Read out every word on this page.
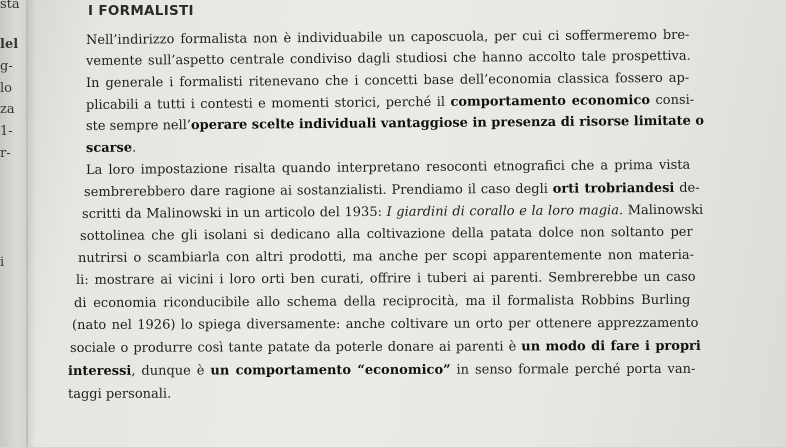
sta
lel
g-
lo
za
1-
r-
i
I FORMALISTI
Nell’indirizzo formalista non è individuabile un caposcuola, per cui ci soffermeremo bre-
vemente sull’aspetto centrale condiviso dagli studiosi che hanno accolto tale prospettiva.
In generale i formalisti ritenevano che i concetti base dell’economia classica fossero ap-
plicabili a tutti i contesti e momenti storici, perché il comportamento economico consi-
ste sempre nell’operare scelte individuali vantaggiose in presenza di risorse limitate o
scarse.
La loro impostazione risalta quando interpretano resoconti etnografici che a prima vista
sembrerebbero dare ragione ai sostanzialisti. Prendiamo il caso degli orti trobriandesi de-
scritti da Malinowski in un articolo del 1935: I giardini di corallo e la loro magia. Malinowski
sottolinea che gli isolani si dedicano alla coltivazione della patata dolce non soltanto per
nutrirsi o scambiarla con altri prodotti, ma anche per scopi apparentemente non materia-
li: mostrare ai vicini i loro orti ben curati, offrire i tuberi ai parenti. Sembrerebbe un caso
di economia riconducibile allo schema della reciprocità, ma il formalista Robbins Burling
(nato nel 1926) lo spiega diversamente: anche coltivare un orto per ottenere apprezzamento
sociale o produrre così tante patate da poterle donare ai parenti è un modo di fare i propri
interessi, dunque è un comportamento “economico” in senso formale perché porta van-
taggi personali.
